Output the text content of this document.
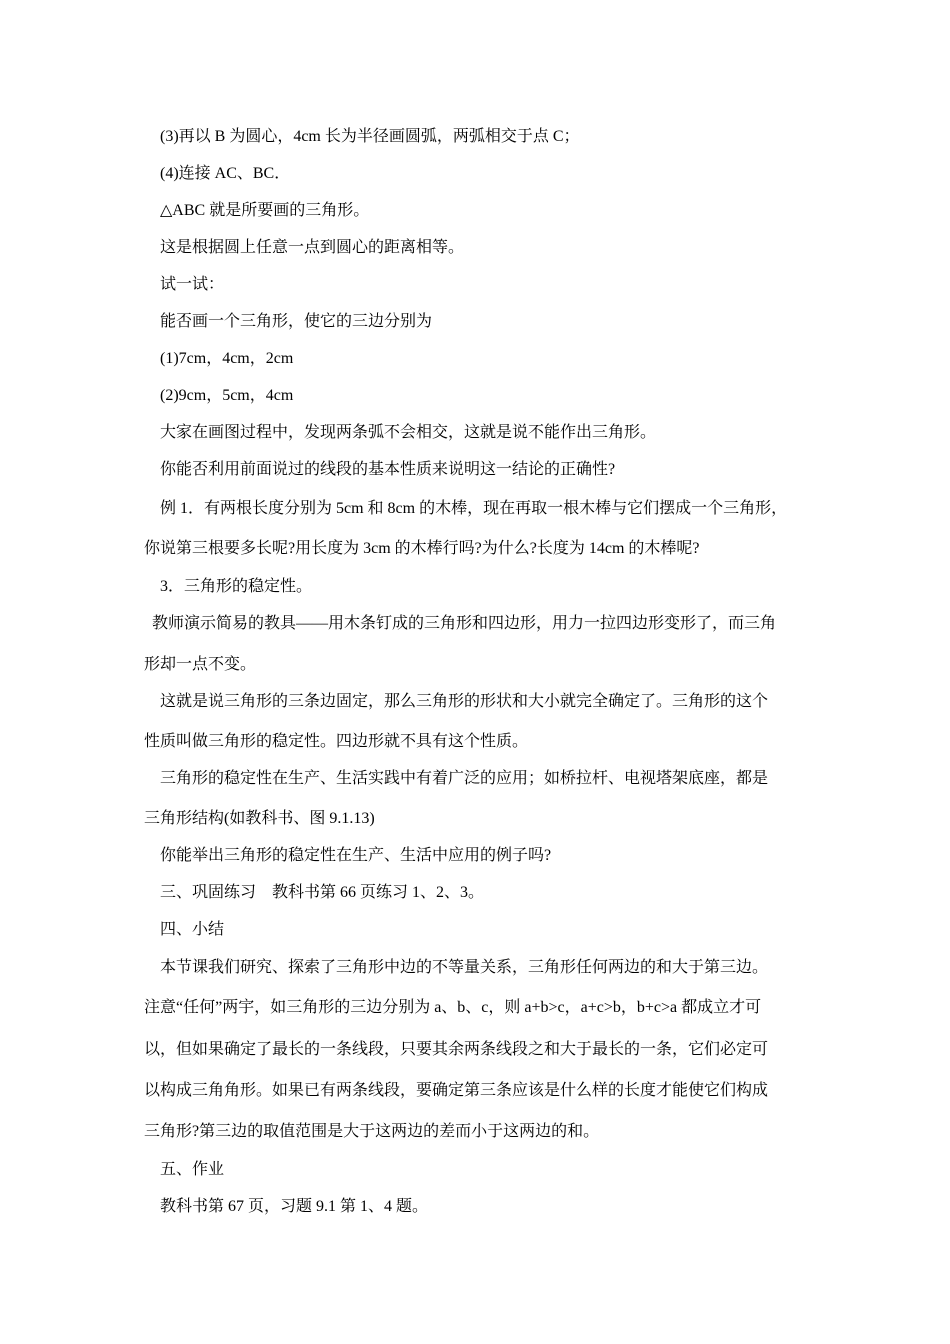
(3)再以 B 为圆心，4cm 长为半径画圆弧，两弧相交于点 C；
(4)连接 AC、BC．
△ABC 就是所要画的三角形。
这是根据圆上任意一点到圆心的距离相等。
试一试：
能否画一个三角形，使它的三边分别为
(1)7cm，4cm，2cm
(2)9cm，5cm，4cm
大家在画图过程中，发现两条弧不会相交，这就是说不能作出三角形。
你能否利用前面说过的线段的基本性质来说明这一结论的正确性?
例 1．有两根长度分别为 5cm 和 8cm 的木棒，现在再取一根木棒与它们摆成一个三角形，
你说第三根要多长呢?用长度为 3cm 的木棒行吗?为什么?长度为 14cm 的木棒呢?
3．三角形的稳定性。
教师演示简易的教具——用木条钉成的三角形和四边形，用力一拉四边形变形了，而三角
形却一点不变。
这就是说三角形的三条边固定，那么三角形的形状和大小就完全确定了。三角形的这个
性质叫做三角形的稳定性。四边形就不具有这个性质。
三角形的稳定性在生产、生活实践中有着广泛的应用；如桥拉杆、电视塔架底座，都是
三角形结构(如教科书、图 9.1.13)
你能举出三角形的稳定性在生产、生活中应用的例子吗?
三、巩固练习　教科书第 66 页练习 1、2、3。
四、小结
本节课我们研究、探索了三角形中边的不等量关系，三角形任何两边的和大于第三边。
注意“任何”两宇，如三角形的三边分别为 a、b、c，则 a+b>c，a+c>b，b+c>a 都成立才可
以，但如果确定了最长的一条线段，只要其余两条线段之和大于最长的一条，它们必定可
以构成三角角形。如果已有两条线段，要确定第三条应该是什么样的长度才能使它们构成
三角形?第三边的取值范围是大于这两边的差而小于这两边的和。
五、作业
教科书第 67 页，习题 9.1 第 1、4 题。
